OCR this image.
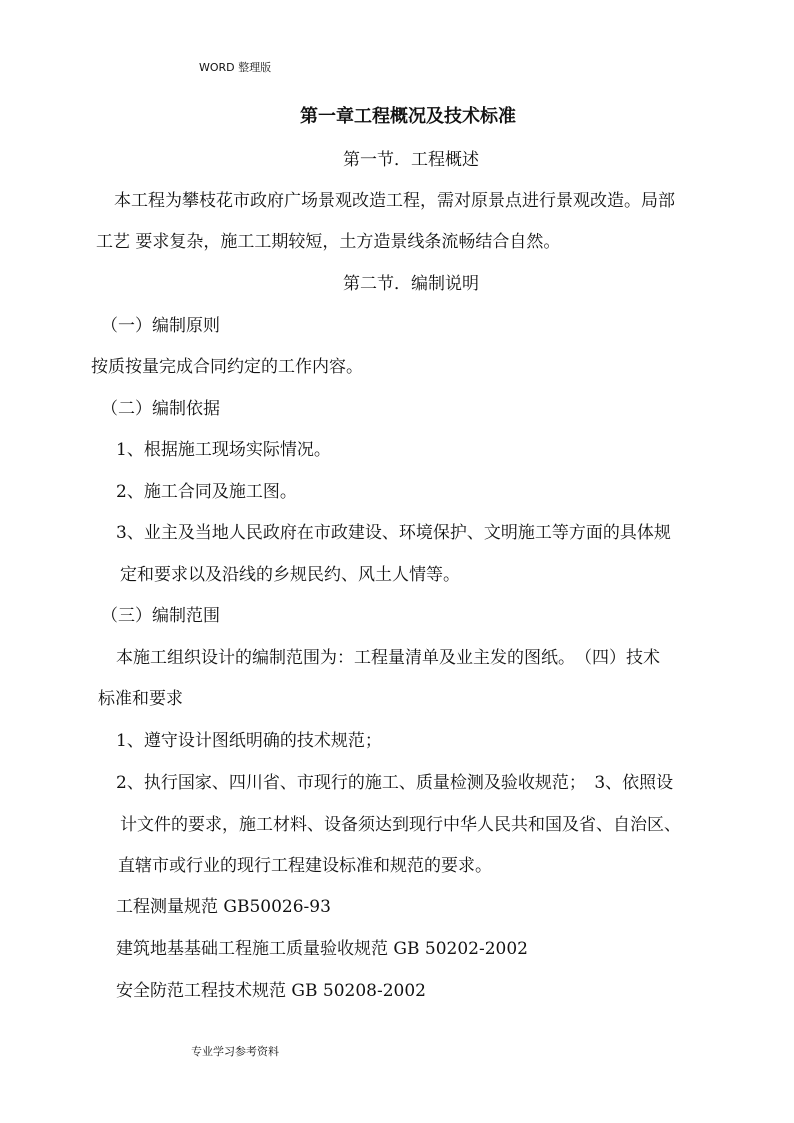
WORD 整理版
第一章工程概况及技术标准
第一节．工程概述
本工程为攀枝花市政府广场景观改造工程，需对原景点进行景观改造。局部
工艺 要求复杂，施工工期较短，土方造景线条流畅结合自然。
第二节．编制说明
（一）编制原则
按质按量完成合同约定的工作内容。
（二）编制依据
1、根据施工现场实际情况。
2、施工合同及施工图。
3、业主及当地人民政府在市政建设、环境保护、文明施工等方面的具体规
定和要求以及沿线的乡规民约、风土人情等。
（三）编制范围
本施工组织设计的编制范围为：工程量清单及业主发的图纸。　（四）技术
标准和要求
1、遵守设计图纸明确的技术规范；
2、执行国家、四川省、市现行的施工、质量检测及验收规范；　3、依照设
计文件的要求，施工材料、设备须达到现行中华人民共和国及省、自治区、
直辖市或行业的现行工程建设标准和规范的要求。
工程测量规范 GB50026-93
建筑地基基础工程施工质量验收规范 GB 50202-2002
安全防范工程技术规范 GB 50208-2002
专业学习参考资料
